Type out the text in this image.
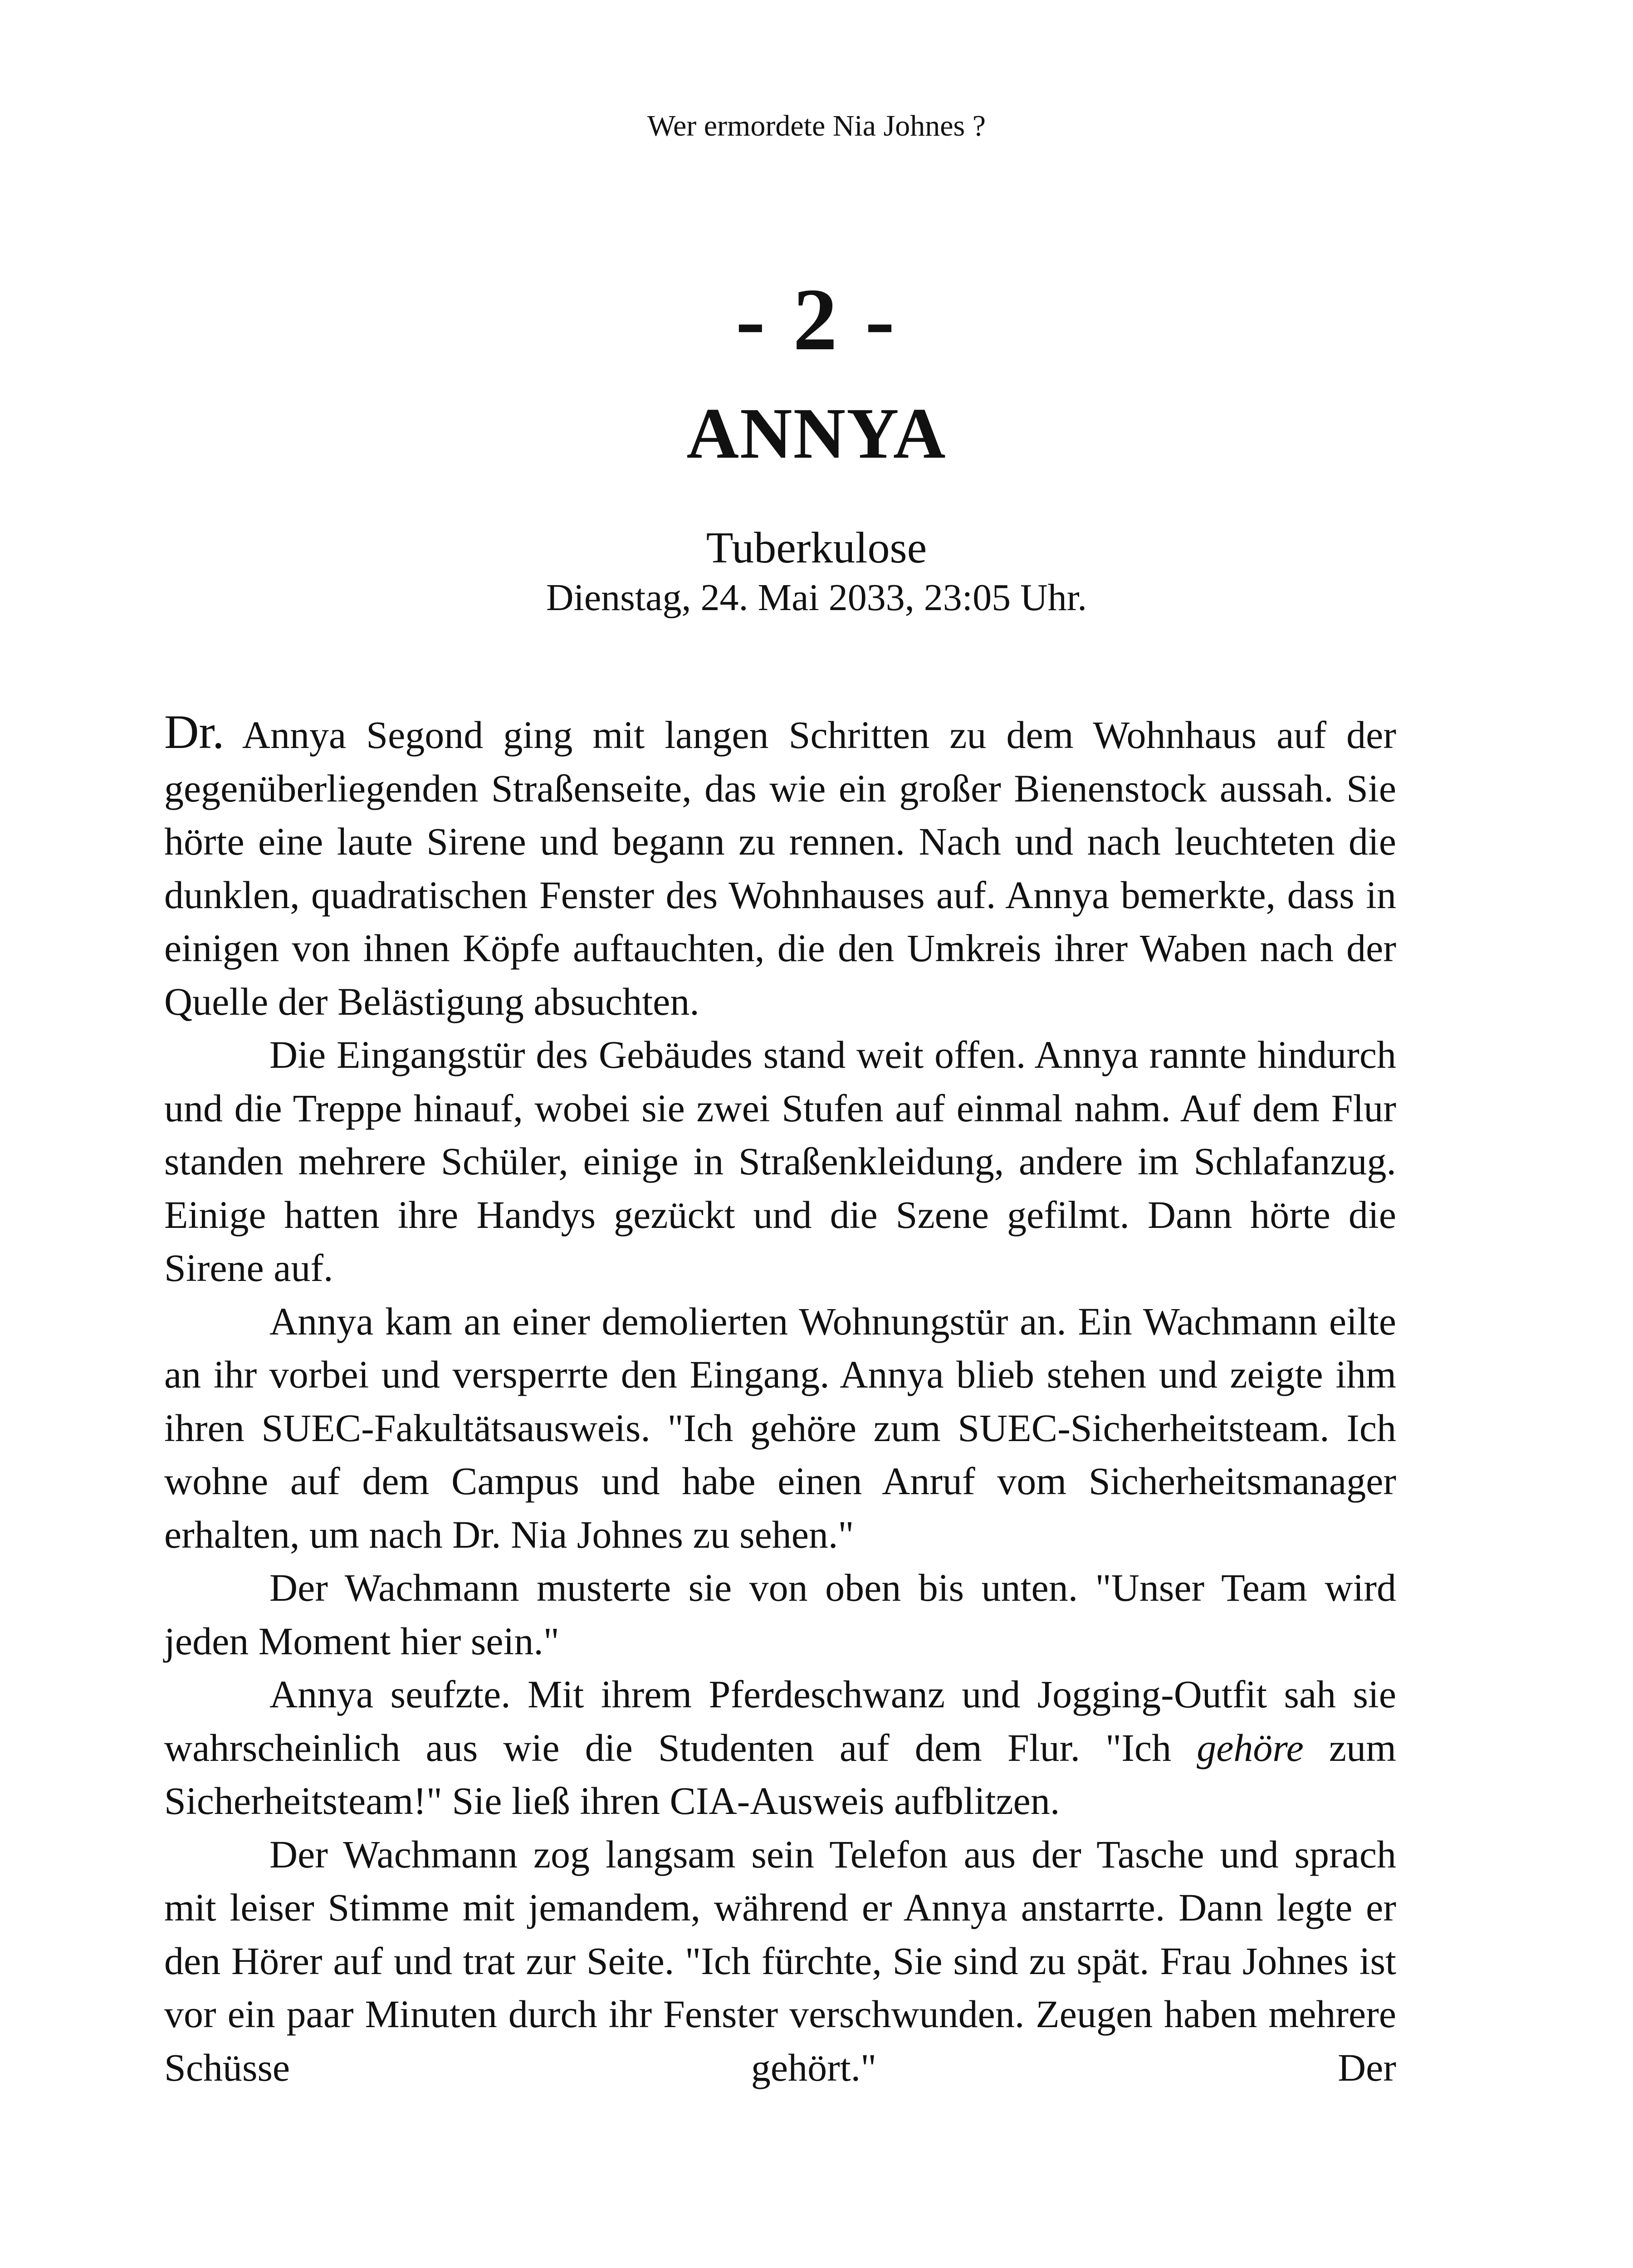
Wer ermordete Nia Johnes ?
- 2 -
ANNYA
Tuberkulose
Dienstag, 24. Mai 2033, 23:05 Uhr.

Dr. Annya Segond ging mit langen Schritten zu dem Wohnhaus auf der gegenüberliegenden Straßenseite, das wie ein großer Bienenstock aussah. Sie hörte eine laute Sirene und begann zu rennen. Nach und nach leuchteten die dunklen, quadratischen Fenster des Wohnhauses auf. Annya bemerkte, dass in einigen von ihnen Köpfe auftauchten, die den Umkreis ihrer Waben nach der Quelle der Belästigung absuchten.

Die Eingangstür des Gebäudes stand weit offen. Annya rannte hindurch und die Treppe hinauf, wobei sie zwei Stufen auf einmal nahm. Auf dem Flur standen mehrere Schüler, einige in Straßenkleidung, andere im Schlafanzug. Einige hatten ihre Handys gezückt und die Szene gefilmt. Dann hörte die Sirene auf.

Annya kam an einer demolierten Wohnungstür an. Ein Wachmann eilte an ihr vorbei und versperrte den Eingang. Annya blieb stehen und zeigte ihm ihren SUEC-Fakultätsausweis. "Ich gehöre zum SUEC-Sicherheitsteam. Ich wohne auf dem Campus und habe einen Anruf vom Sicherheitsmanager erhalten, um nach Dr. Nia Johnes zu sehen."

Der Wachmann musterte sie von oben bis unten. "Unser Team wird jeden Moment hier sein."

Annya seufzte. Mit ihrem Pferdeschwanz und Jogging-Outfit sah sie wahrscheinlich aus wie die Studenten auf dem Flur. "Ich gehöre zum Sicherheitsteam!" Sie ließ ihren CIA-Ausweis aufblitzen.

Der Wachmann zog langsam sein Telefon aus der Tasche und sprach mit leiser Stimme mit jemandem, während er Annya anstarrte. Dann legte er den Hörer auf und trat zur Seite. "Ich fürchte, Sie sind zu spät. Frau Johnes ist vor ein paar Minuten durch ihr Fenster verschwunden. Zeugen haben mehrere Schüsse gehört." Der
